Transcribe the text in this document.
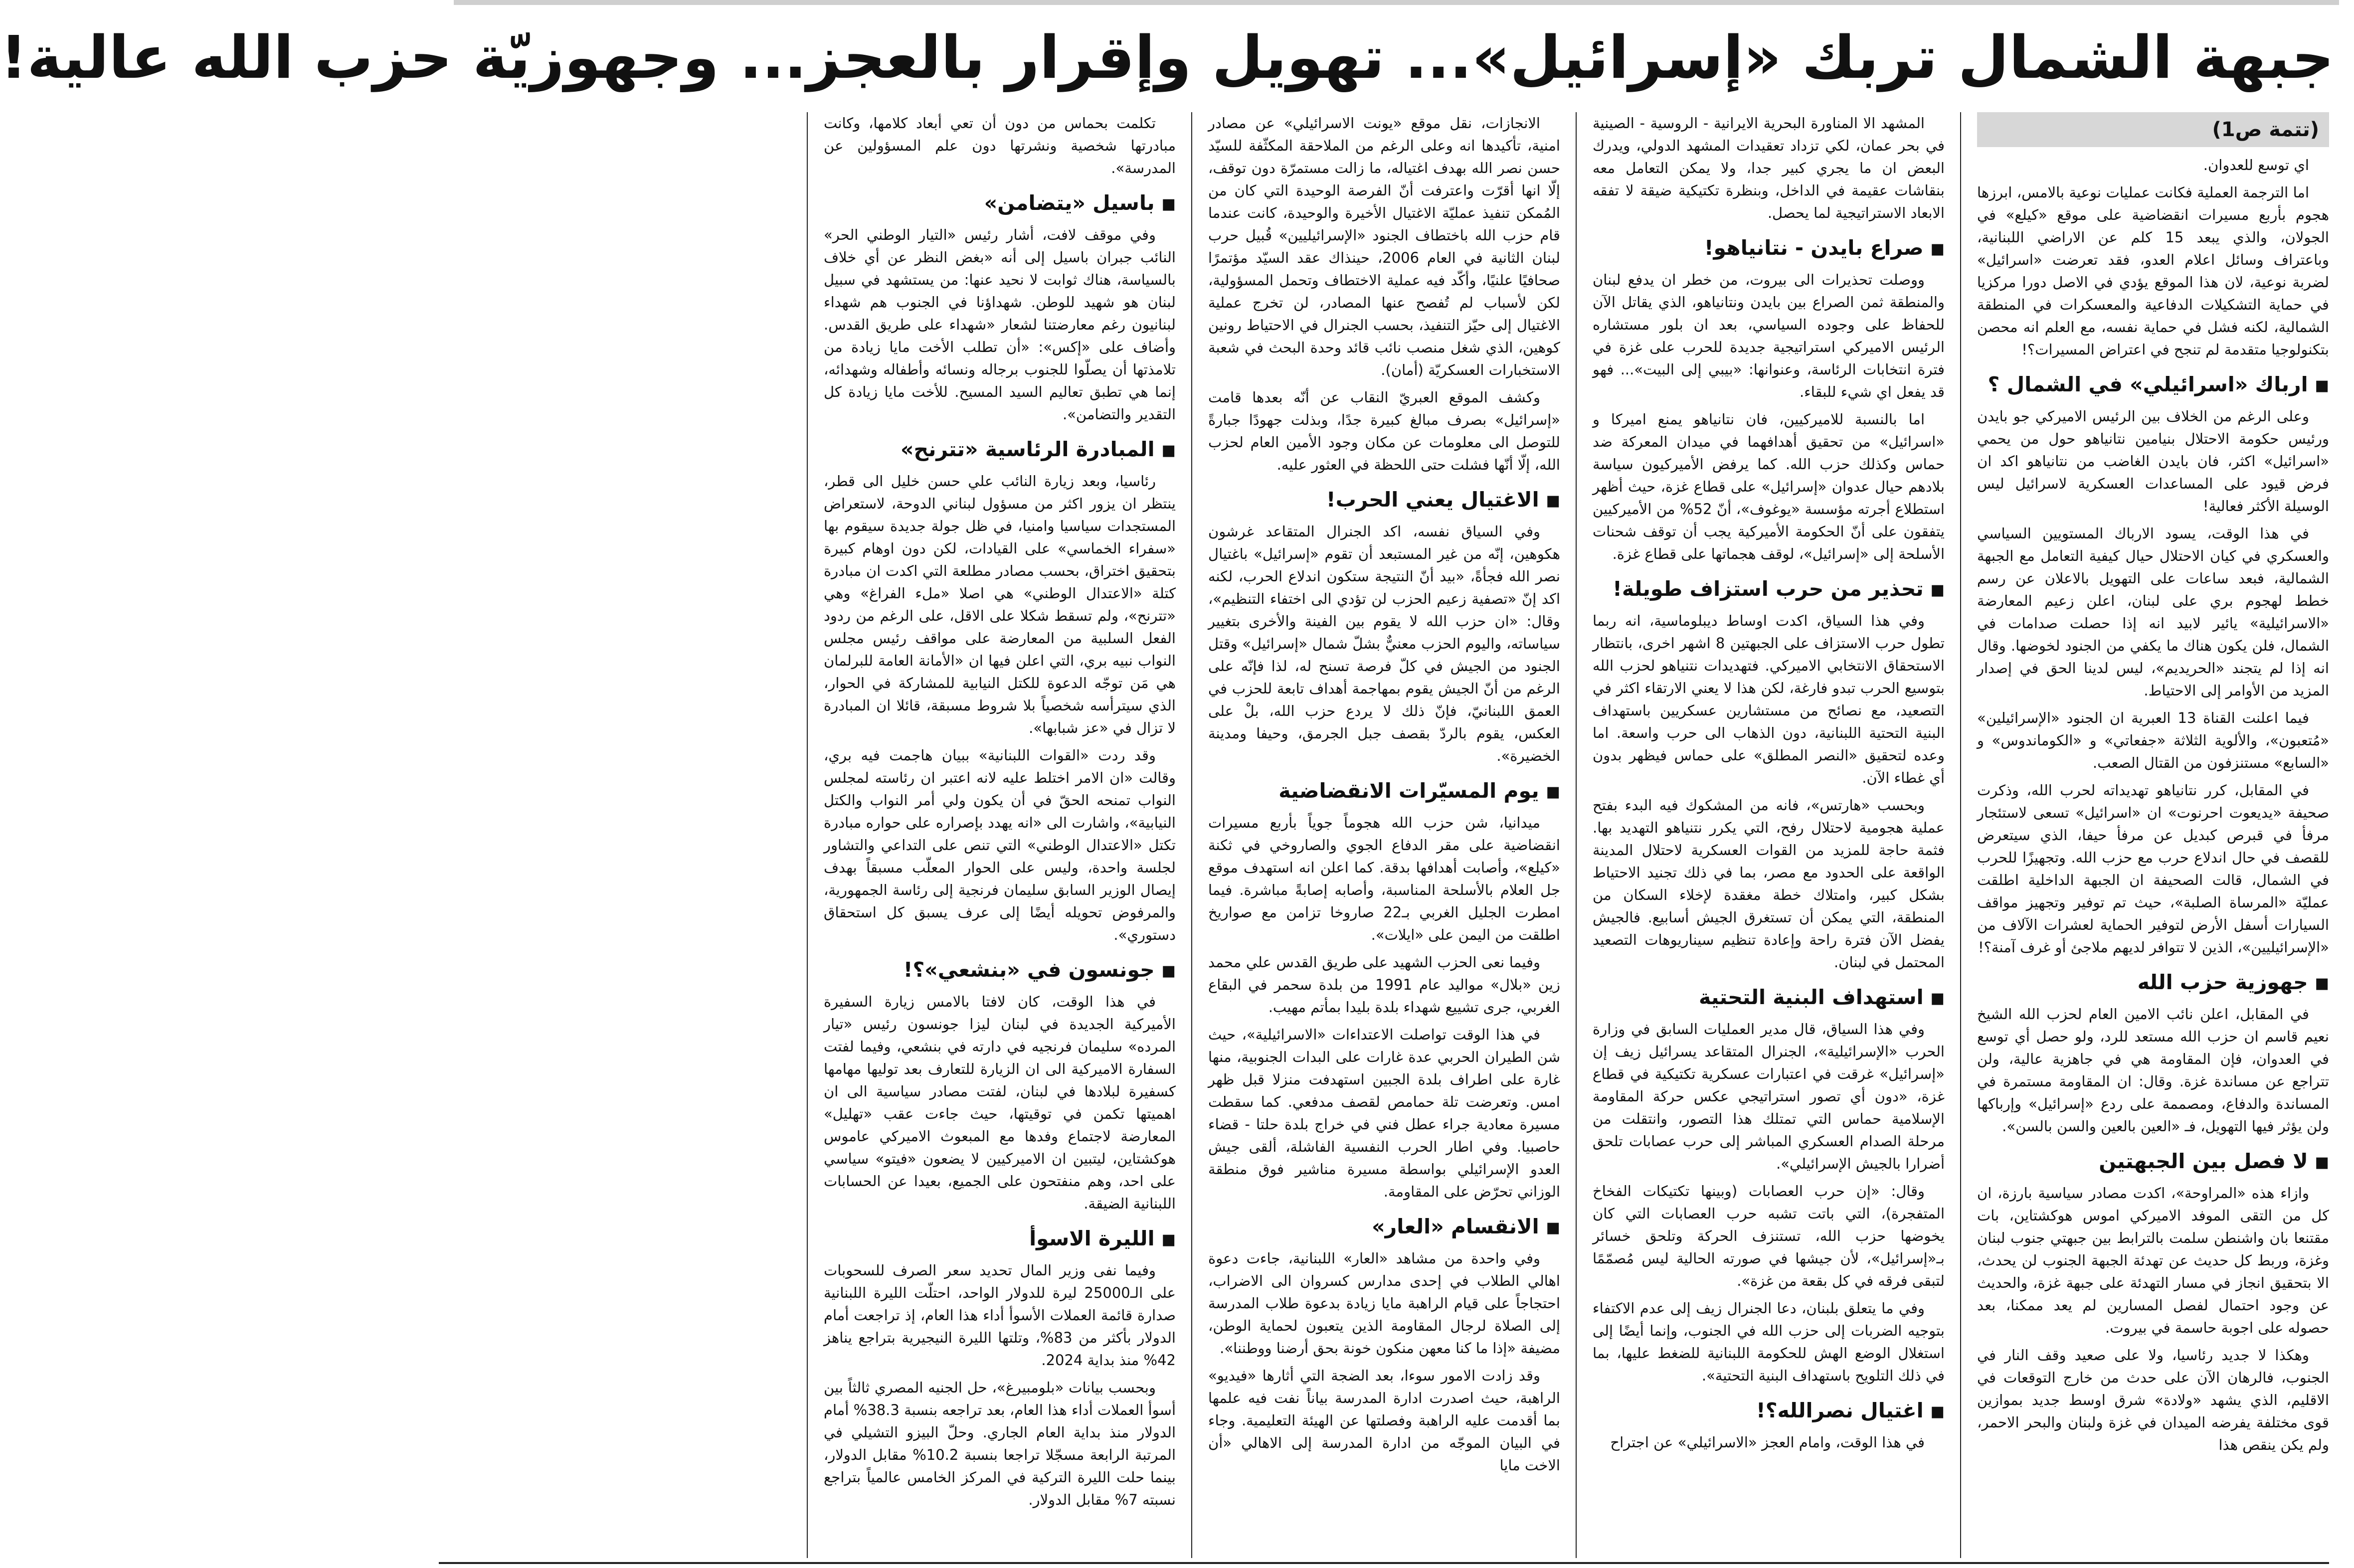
جبهة الشمال تربك «إسرائيل»... تهويل وإقرار بالعجز... وجهوزيّة حزب الله عالية!
(تتمة ص1)

اي توسع للعدوان.

اما الترجمة العملية فكانت عمليات نوعية بالامس، ابرزها هجوم بأربع مسيرات انقضاضية على موقع «كيلع» في الجولان، والذي يبعد 15 كلم عن الاراضي اللبنانية، وباعتراف وسائل اعلام العدو، فقد تعرضت «اسرائيل» لضربة نوعية، لان هذا الموقع يؤدي في الاصل دورا مركزيا في حماية التشكيلات الدفاعية والمعسكرات في المنطقة الشمالية، لكنه فشل في حماية نفسه، مع العلم انه محصن بتكنولوجيا متقدمة لم تنجح في اعتراض المسيرات؟!

■ارباك «اسرائيلي» في الشمال ؟

وعلى الرغم من الخلاف بين الرئيس الاميركي جو بايدن ورئيس حكومة الاحتلال بنيامين نتانياهو حول من يحمي «اسرائيل» اكثر، فان بايدن الغاضب من نتانياهو اكد ان فرض قيود على المساعدات العسكرية لاسرائيل ليس الوسيلة الأكثر فعالية!

في هذا الوقت، يسود الارباك المستويين السياسي والعسكري في كيان الاحتلال حيال كيفية التعامل مع الجبهة الشمالية، فبعد ساعات على التهويل بالاعلان عن رسم خطط لهجوم بري على لبنان، اعلن زعيم المعارضة «الاسرائيلية» يائير لابيد انه إذا حصلت صدامات في الشمال، فلن يكون هناك ما يكفي من الجنود لخوضها. وقال انه إذا لم يتجند «الحريديم»، ليس لدينا الحق في إصدار المزيد من الأوامر إلى الاحتياط.

فيما اعلنت القناة 13 العبرية ان الجنود «الإسرائيلين» «مُتعبون»، والألوية الثلاثة «جفعاتي» و «الكوماندوس» و «السابع» مستنزفون من القتال الصعب.

في المقابل، كرر نتانياهو تهديداته لحرب الله، وذكرت صحيفة «يديعوت احرنوت» ان «اسرائيل» تسعى لاستئجار مرفأ في قبرص كبديل عن مرفأ حيفا، الذي سيتعرض للقصف في حال اندلاع حرب مع حزب الله. وتجهيزًا للحرب في الشمال، قالت الصحيفة ان الجبهة الداخلية اطلقت عمليّة «المرساة الصلبة»، حيث تم توفير وتجهيز مواقف السيارات أسفل الأرض لتوفير الحماية لعشرات الآلاف من «الإسرائيليين»، الذين لا تتوافر لديهم ملاجئ أو غرف آمنة؟!

■جهوزية حزب الله

في المقابل، اعلن نائب الامين العام لحزب الله الشيخ نعيم قاسم ان حزب الله مستعد للرد، ولو حصل أي توسع في العدوان، فإن المقاومة هي في جاهزية عالية، ولن تتراجع عن مساندة غزة. وقال: ان المقاومة مستمرة في المساندة والدفاع، ومصممة على ردع «إسرائيل» وإرباكها ولن يؤثر فيها التهويل، فـ «العين بالعين والسن بالسن».

■لا فصل بين الجبهتين

وازاء هذه «المراوحة»، اكدت مصادر سياسية بارزة، ان كل من التقى الموفد الاميركي اموس هوكشتاين، بات مقتنعا بان واشنطن سلمت بالترابط بين جبهتي جنوب لبنان وغزة، وربط كل حديث عن تهدئة الجبهة الجنوب لن يحدث، الا بتحقيق انجاز في مسار التهدئة على جبهة غزة، والحديث عن وجود احتمال لفصل المسارين لم يعد ممكنا، بعد حصوله على اجوبة حاسمة في بيروت.

وهكذا لا جديد رئاسيا، ولا على صعيد وقف النار في الجنوب، فالرهان الآن على حدث من خارج التوقعات في الاقليم، الذي يشهد «ولادة» شرق اوسط جديد بموازين قوى مختلفة يفرضه الميدان في غزة ولبنان والبحر الاحمر، ولم يكن ينقص هذا

المشهد الا المناورة البحرية الايرانية - الروسية - الصينية في بحر عمان، لكي تزداد تعقيدات المشهد الدولي، ويدرك البعض ان ما يجري كبير جدا، ولا يمكن التعامل معه بنقاشات عقيمة في الداخل، وبنظرة تكتيكية ضيقة لا تفقه الابعاد الاستراتيجية لما يحصل.

■صراع بايدن - نتانياهو!

ووصلت تحذيرات الى بيروت، من خطر ان يدفع لبنان والمنطقة ثمن الصراع بين بايدن ونتانياهو، الذي يقاتل الآن للحفاظ على وجوده السياسي، بعد ان بلور مستشاره الرئيس الاميركي استراتيجية جديدة للحرب على غزة في فترة انتخابات الرئاسة، وعنوانها: «بيبي إلى البيت»... فهو قد يفعل اي شيء للبقاء.

اما بالنسبة للاميركيين، فان نتانياهو يمنع اميركا و «اسرائيل» من تحقيق أهدافهما في ميدان المعركة ضد حماس وكذلك حزب الله. كما يرفض الأميركيون سياسة بلادهم حيال عدوان «إسرائيل» على قطاع غزة، حيث أظهر استطلاع أجرته مؤسسة «يوغوف»، أنّ 52% من الأميركيين يتفقون على أنّ الحكومة الأميركية يجب أن توقف شحنات الأسلحة إلى «إسرائيل»، لوقف هجماتها على قطاع غزة.

■تحذير من حرب استزاف طويلة!

وفي هذا السياق، اكدت اوساط ديبلوماسية، انه ربما تطول حرب الاستزاف على الجبهتين 8 اشهر اخرى، بانتظار الاستحقاق الانتخابي الاميركي. فتهديدات نتنياهو لحزب الله بتوسيع الحرب تبدو فارغة، لكن هذا لا يعني الارتقاء اكثر في التصعيد، مع نصائح من مستشارين عسكريين باستهداف البنية التحتية اللبنانية، دون الذهاب الى حرب واسعة. اما وعده لتحقيق «النصر المطلق» على حماس فيظهر بدون أي غطاء الآن.

وبحسب «هارتس»، فانه من المشكوك فيه البدء بفتح عملية هجومية لاحتلال رفح، التي يكرر نتنياهو التهديد بها. فثمة حاجة للمزيد من القوات العسكرية لاحتلال المدينة الواقعة على الحدود مع مصر، بما في ذلك تجنيد الاحتياط بشكل كبير، وامتلاك خطة مغقدة لإخلاء السكان من المنطقة، التي يمكن أن تستغرق الجيش أسابيع. فالجيش يفضل الآن فترة راحة وإعادة تنظيم سيناريوهات التصعيد المحتمل في لبنان.

■استهداف البنية التحتية

وفي هذا السياق، قال مدير العمليات السابق في وزارة الحرب «الإسرائيلية»، الجنرال المتقاعد يسرائيل زيف إن «إسرائيل» غرقت في اعتبارات عسكرية تكتيكية في قطاع غزة، «دون أي تصور استراتيجي عكس حركة المقاومة الإسلامية حماس التي تمتلك هذا التصور، وانتقلت من مرحلة الصدام العسكري المباشر إلى حرب عصابات تلحق أضرارا بالجيش الإسرائيلي».

وقال: «إن حرب العصابات (وبينها تكتيكات الفخاخ المتفجرة)، التي باتت تشبه حرب العصابات التي كان يخوضها حزب الله، تستنزف الحركة وتلحق خسائر بـ«إسرائيل»، لأن جيشها في صورته الحالية ليس مُصمّمًا لتبقى فرقه في كل بقعة من غزة».

وفي ما يتعلق بلبنان، دعا الجنرال زيف إلى عدم الاكتفاء بتوجيه الضربات إلى حزب الله في الجنوب، وإنما أيضًا إلى استغلال الوضع الهش للحكومة اللبنانية للضغط عليها، بما في ذلك التلويح باستهداف البنية التحتية».

■اغتيال نصرالله؟!

في هذا الوقت، وامام العجز «الاسرائيلي» عن اجتراح

الانجازات، نقل موقع «يونت الاسرائيلي» عن مصادر امنية، تأكيدها انه وعلى الرغم من الملاحقة المكثّفة للسيّد حسن نصر الله بهدف اغتياله، ما زالت مستمرّة دون توقف، إلّا انها أقرّت واعترفت أنّ الفرصة الوحيدة التي كان من المُمكن تنفيذ عمليّة الاغتيال الأخيرة والوحيدة، كانت عندما قام حزب الله باختطاف الجنود «الإسرائيليين» قُبيل حرب لبنان الثانية في العام 2006، حينذاك عقد السيّد مؤتمرًا صحافيًا علنيًا، وأكّد فيه عملية الاختطاف وتحمل المسؤولية، لكن لأسباب لم تُفصح عنها المصادر، لن تخرج عملية الاغتيال إلى حيّز التنفيذ، بحسب الجنرال في الاحتياط رونين كوهين، الذي شغل منصب نائب قائد وحدة البحث في شعبة الاستخبارات العسكريّة (أمان).

وكشف الموقع العبريّ النقاب عن أنّه بعدها قامت «إسرائيل» بصرف مبالغ كبيرة جدًا، وبذلت جهودًا جبارةً للتوصل الى معلومات عن مكان وجود الأمين العام لحزب الله، إلّا أنّها فشلت حتى اللحظة في العثور عليه.

■الاغتيال يعني الحرب!

وفي السياق نفسه، اكد الجنرال المتقاعد غرشون هكوهين، إنّه من غير المستبعد أن تقوم «إسرائيل» باغتيال نصر الله فجأةً، «بيد أنّ النتيجة ستكون اندلاع الحرب، لكنه اكد إنّ «تصفية زعيم الحزب لن تؤدي الى اختفاء التنظيم»، وقال: «ان حزب الله لا يقوم بين الفينة والأخرى بتغيير سياساته، واليوم الحزب معنيٌّ بشلّ شمال «إسرائيل» وقتل الجنود من الجيش في كلّ فرصة تسنح له، لذا فإنّه على الرغم من أنّ الجيش يقوم بمهاجمة أهداف تابعة للحزب في العمق اللبنانيّ، فإنّ ذلك لا يردع حزب الله، بلْ على العكس، يقوم بالردّ بقصف جبل الجرمق، وحيفا ومدينة الخضيرة».

■يوم المسيّرات الانقضاضية

ميدانيا، شن حزب الله هجوماً جوياً بأربع مسيرات انقضاضية على مقر الدفاع الجوي والصاروخي في ثكنة «كيلع»، وأصابت أهدافها بدقة. كما اعلن انه استهدف موقع جل العلام بالأسلحة المناسبة، وأصابه إصابةً مباشرة. فيما امطرت الجليل الغربي بـ22 صاروخا تزامن مع صواريخ اطلقت من اليمن على «ايلات».

وفيما نعى الحزب الشهيد على طريق القدس علي محمد زين «بلال» مواليد عام 1991 من بلدة سحمر في البقاع الغربي، جرى تشييع شهداء بلدة بليدا بمأتم مهيب.

في هذا الوقت تواصلت الاعتداءات «الاسرائيلية»، حيث شن الطيران الحربي عدة غارات على البدات الجنوبية، منها غارة على اطراف بلدة الجبين استهدفت منزلا قبل ظهر امس. وتعرضت تلة حمامص لقصف مدفعي. كما سقطت مسيرة معادية جراء عطل فني في خراج بلدة حلتا - قضاء حاصبيا. وفي اطار الحرب النفسية الفاشلة، ألقى جيش العدو الإسرائيلي بواسطة مسيرة مناشير فوق منطقة الوزاني تحرّض على المقاومة.

■الانقسام «العار»

وفي واحدة من مشاهد «العار» اللبنانية، جاءت دعوة اهالي الطلاب في إحدى مدارس كسروان الى الاضراب، احتجاجاً على قيام الراهبة مايا زيادة بدعوة طلاب المدرسة إلى الصلاة لرجال المقاومة الذين يتعبون لحماية الوطن، مضيفة «إذا ما كنا معهن منكون خونة بحق أرضنا ووطننا».

وقد زادت الامور سوءا، بعد الضجة التي أثارها «فيديو» الراهبة، حيث اصدرت ادارة المدرسة بياناً نفت فيه علمها بما أقدمت عليه الراهبة وفصلتها عن الهيئة التعليمية. وجاء في البيان الموجّه من ادارة المدرسة إلى الاهالي «أن الاخت مايا

تكلمت بحماس من دون أن تعي أبعاد كلامها، وكانت مبادرتها شخصية ونشرتها دون علم المسؤولين عن المدرسة».

■باسيل «يتضامن»

وفي موقف لافت، أشار رئيس «التيار الوطني الحر» النائب جبران باسيل إلى أنه «بغض النظر عن أي خلاف بالسياسة، هناك ثوابت لا نحيد عنها: من يستشهد في سبيل لبنان هو شهيد للوطن. شهداؤنا في الجنوب هم شهداء لبنانيون رغم معارضتنا لشعار «شهداء على طريق القدس. وأضاف على «إكس»: «أن تطلب الأخت مايا زيادة من تلامذتها أن يصلّوا للجنوب برجاله ونسائه وأطفاله وشهدائه، إنما هي تطبق تعاليم السيد المسيح. للأخت مايا زيادة كل التقدير والتضامن».

■المبادرة الرئاسية «تترنح»

رئاسيا، وبعد زيارة النائب علي حسن خليل الى قطر، ينتظر ان يزور اكثر من مسؤول لبناني الدوحة، لاستعراض المستجدات سياسيا وامنيا، في ظل جولة جديدة سيقوم بها «سفراء الخماسي» على القيادات، لكن دون اوهام كبيرة بتحقيق اختراق، بحسب مصادر مطلعة التي اكدت ان مبادرة كتلة «الاعتدال الوطني» هي اصلا «ملء الفراغ» وهي «تترنح»، ولم تسقط شكلا على الاقل، على الرغم من ردود الفعل السلبية من المعارضة على مواقف رئيس مجلس النواب نبيه بري، التي اعلن فيها ان «الأمانة العامة للبرلمان هي مَن توجّه الدعوة للكتل النيابية للمشاركة في الحوار، الذي سيترأسه شخصياً بلا شروط مسبقة، قائلا ان المبادرة لا تزال في «عز شبابها».

وقد ردت «القوات اللبنانية» ببيان هاجمت فيه بري، وقالت «ان الامر اختلط عليه لانه اعتبر ان رئاسته لمجلس النواب تمنحه الحقّ في أن يكون ولي أمر النواب والكتل النيابية»، واشارت الى «انه يهدد بإصراره على حواره مبادرة تكتل «الاعتدال الوطني» التي تنص على التداعي والتشاور لجلسة واحدة، وليس على الحوار المعلّب مسبقاً بهدف إيصال الوزير السابق سليمان فرنجية إلى رئاسة الجمهورية، والمرفوض تحويله أيضًا إلى عرف يسبق كل استحقاق دستوري».

■جونسون في «بنشعي»؟!

في هذا الوقت، كان لافتا بالامس زيارة السفيرة الأميركية الجديدة في لبنان ليزا جونسون رئيس «تيار المرده» سليمان فرنجيه في دارته في بنشعي، وفيما لفتت السفارة الاميركية الى ان الزيارة للتعارف بعد توليها مهامها كسفيرة لبلادها في لبنان، لفتت مصادر سياسية الى ان اهميتها تكمن في توقيتها، حيث جاءت عقب «تهليل» المعارضة لاجتماع وفدها مع المبعوث الاميركي عاموس هوكشتاين، ليتبين ان الاميركيين لا يضعون «فيتو» سياسي على احد، وهم منفتحون على الجميع، بعيدا عن الحسابات اللبنانية الضيقة.

■الليرة الاسوأ

وفيما نفى وزير المال تحديد سعر الصرف للسحوبات على الـ25000 ليرة للدولار الواحد، احتلّت الليرة اللبنانية صدارة قائمة العملات الأسوأ أداء هذا العام، إذ تراجعت أمام الدولار بأكثر من 83%، وتلتها الليرة النيجيرية بتراجع يناهز 42% منذ بداية 2024.

وبحسب بيانات «بلومبيرغ»، حل الجنيه المصري ثالثاً بين أسوأ العملات أداء هذا العام، بعد تراجعه بنسبة 38.3% أمام الدولار منذ بداية العام الجاري. وحلّ البيزو التشيلي في المرتبة الرابعة مسجّلا تراجعا بنسبة 10.2% مقابل الدولار، بينما حلت الليرة التركية في المركز الخامس عالمياً بتراجع نسبته 7% مقابل الدولار.
